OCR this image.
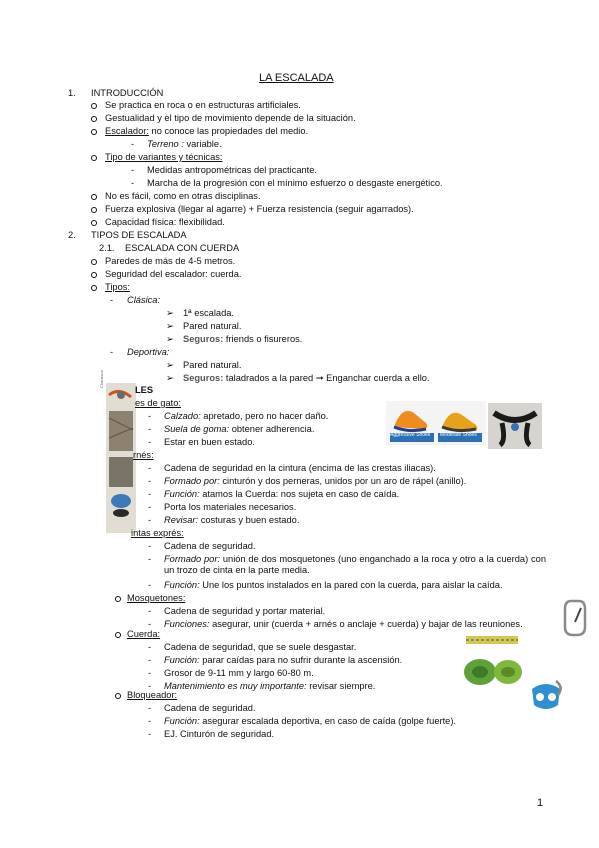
LA ESCALADA
1. INTRODUCCIÓN
Se practica en roca o en estructuras artificiales.
Gestualidad y el tipo de movimiento depende de la situación.
Escalador: no conoce las propiedades del medio.
- Terreno : variable.
Tipo de variantes y técnicas:
- Medidas antropométricas del practicante.
- Marcha de la progresión con el mínimo esfuerzo o desgaste energético.
No es fácil, como en otras disciplinas.
Fuerza explosiva (llegar al agarre) + Fuerza resistencia (seguir agarrados).
Capacidad física: flexibilidad.
2. TIPOS DE ESCALADA
2.1. ESCALADA CON CUERDA
Paredes de más de 4-5 metros.
Seguridad del escalador: cuerda.
Tipos:
- Clásica:
➢ 1ª escalada.
➢ Pared natural.
➢ Seguros: friends o fisureros.
- Deportiva:
➢ Pared natural.
➢ Seguros: taladrados a la pared ➞ Enganchar cuerda a ello.
Chausson
LES
es de gato:
- Calzado: apretado, pero no hacer daño.
- Suela de goma: obtener adherencia.
- Estar en buen estado.
Aggressive Shoes Moderate Shoes
rnés:
- Cadena de seguridad en la cintura (encima de las crestas iliacas).
- Formado por: cinturón y dos perneras, unidos por un aro de rápel (anillo).
- Función: atamos la Cuerda: nos sujeta en caso de caída.
- Porta los materiales necesarios.
- Revisar: costuras y buen estado.
intas exprés:
- Cadena de seguridad.
- Formado por: unión de dos mosquetones (uno enganchado a la roca y otro a la cuerda) con un trozo de cinta en la parte media.
- Función: Une los puntos instalados en la pared con la cuerda, para aislar la caída.
Mosquetones:
- Cadena de seguridad y portar material.
- Funciones: asegurar, unir (cuerda + arnés o anclaje + cuerda) y bajar de las reuniones.
Cuerda:
- Cadena de seguridad, que se suele desgastar.
- Función: parar caídas para no sufrir durante la ascensión.
- Grosor de 9-11 mm y largo 60-80 m.
- Mantenimiento es muy importante: revisar siempre.
Bloqueador:
- Cadena de seguridad.
- Función: asegurar escalada deportiva, en caso de caída (golpe fuerte).
- EJ. Cinturón de seguridad.
1
